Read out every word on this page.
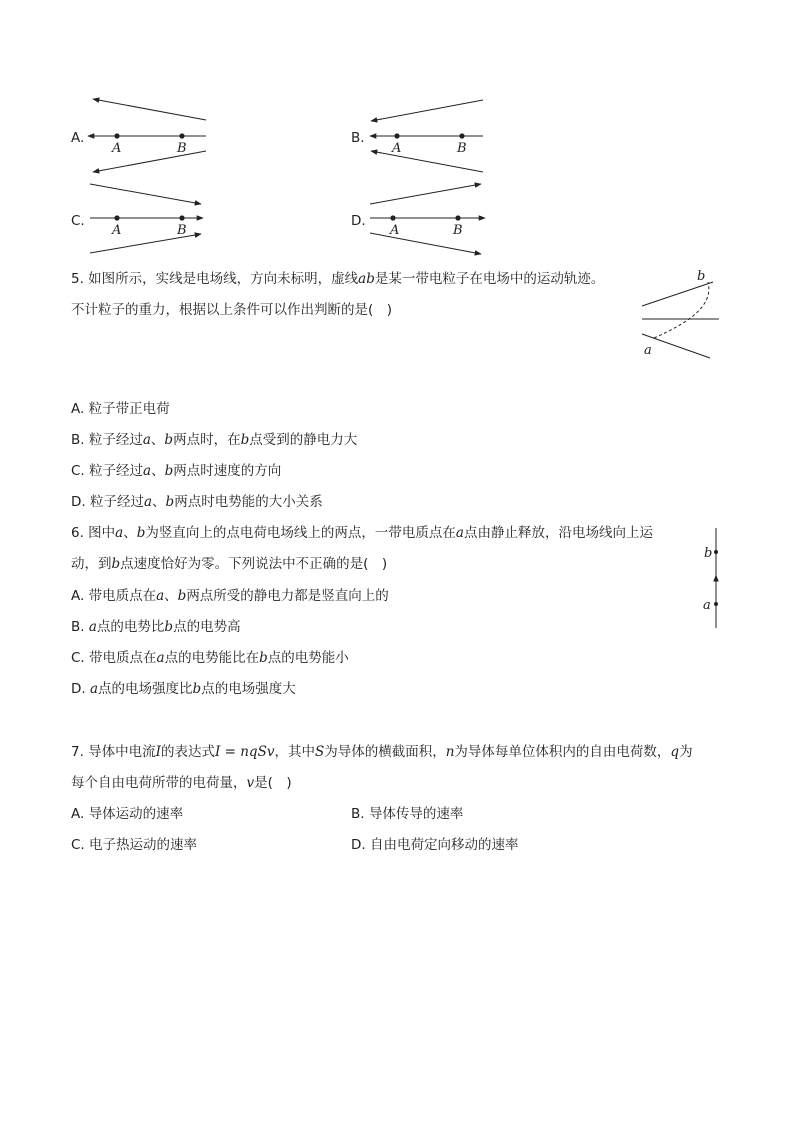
A.	B.
C.	D.
A	B	A	B
A	B	A	B
5. 如图所示，实线是电场线，方向未标明，虚线ab是某一带电粒子在电场中的运动轨迹。
不计粒子的重力，根据以上条件可以作出判断的是(　)
b
a
A. 粒子带正电荷
B. 粒子经过a、b两点时，在b点受到的静电力大
C. 粒子经过a、b两点时速度的方向
D. 粒子经过a、b两点时电势能的大小关系
6. 图中a、b为竖直向上的点电荷电场线上的两点，一带电质点在a点由静止释放，沿电场线向上运
动，到b点速度恰好为零。下列说法中不正确的是(　)
b
a
A. 带电质点在a、b两点所受的静电力都是竖直向上的
B. a点的电势比b点的电势高
C. 带电质点在a点的电势能比在b点的电势能小
D. a点的电场强度比b点的电场强度大
7. 导体中电流I的表达式I = nqSv，其中S为导体的横截面积，n为导体每单位体积内的自由电荷数，q为
每个自由电荷所带的电荷量，v是(　)
A. 导体运动的速率	B. 导体传导的速率
C. 电子热运动的速率	D. 自由电荷定向移动的速率
